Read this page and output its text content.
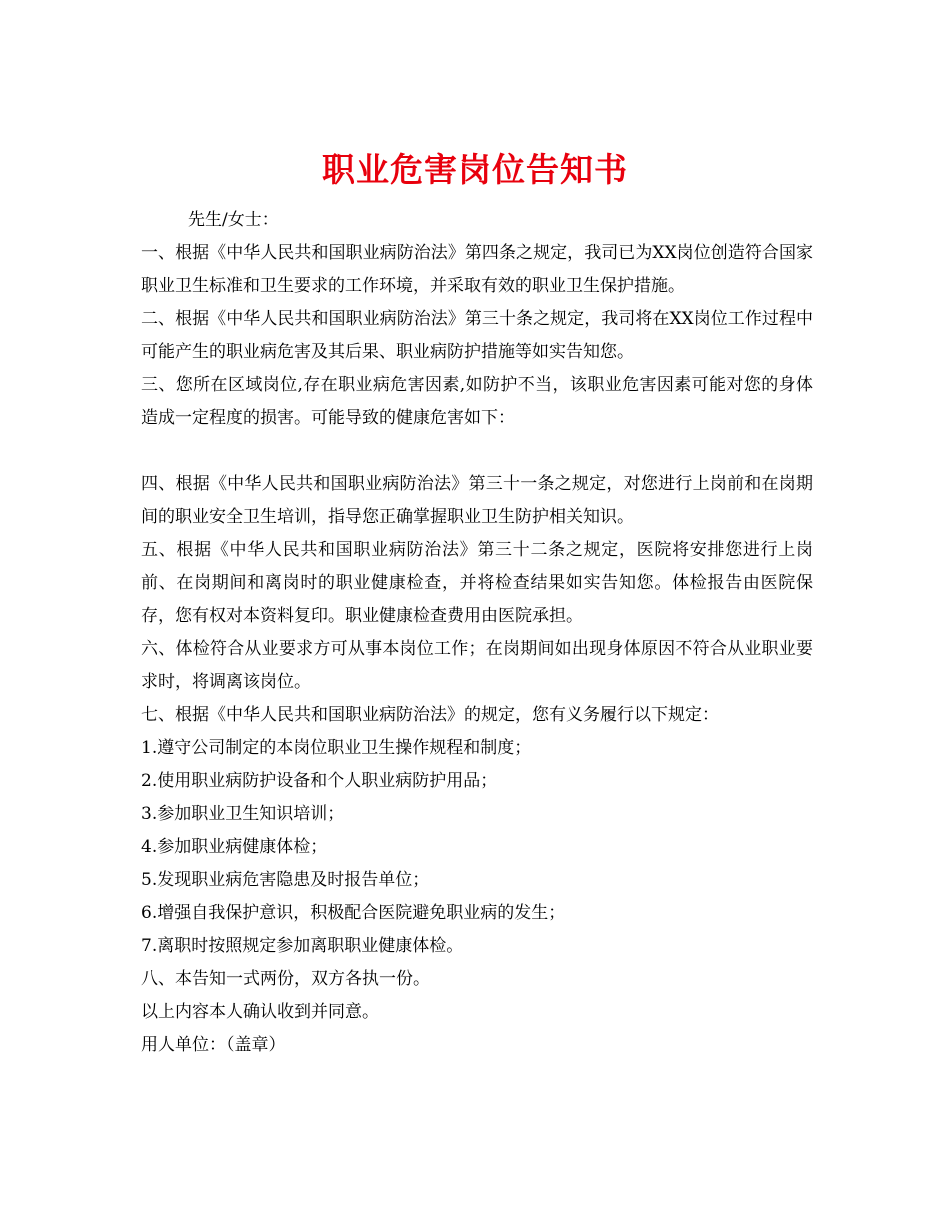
职业危害岗位告知书

先生/女士：

一、根据《中华人民共和国职业病防治法》第四条之规定，我司已为XX岗位创造符合国家职业卫生标准和卫生要求的工作环境，并采取有效的职业卫生保护措施。

二、根据《中华人民共和国职业病防治法》第三十条之规定，我司将在XX岗位工作过程中可能产生的职业病危害及其后果、职业病防护措施等如实告知您。

三、您所在区域岗位,存在职业病危害因素,如防护不当，该职业危害因素可能对您的身体造成一定程度的损害。可能导致的健康危害如下：

四、根据《中华人民共和国职业病防治法》第三十一条之规定，对您进行上岗前和在岗期间的职业安全卫生培训，指导您正确掌握职业卫生防护相关知识。

五、根据《中华人民共和国职业病防治法》第三十二条之规定，医院将安排您进行上岗前、在岗期间和离岗时的职业健康检查，并将检查结果如实告知您。体检报告由医院保存，您有权对本资料复印。职业健康检查费用由医院承担。

六、体检符合从业要求方可从事本岗位工作；在岗期间如出现身体原因不符合从业职业要求时，将调离该岗位。

七、根据《中华人民共和国职业病防治法》的规定，您有义务履行以下规定：

1.遵守公司制定的本岗位职业卫生操作规程和制度；

2.使用职业病防护设备和个人职业病防护用品；

3.参加职业卫生知识培训；

4.参加职业病健康体检；

5.发现职业病危害隐患及时报告单位；

6.增强自我保护意识，积极配合医院避免职业病的发生；

7.离职时按照规定参加离职职业健康体检。

八、本告知一式两份，双方各执一份。

以上内容本人确认收到并同意。

用人单位：（盖章）
